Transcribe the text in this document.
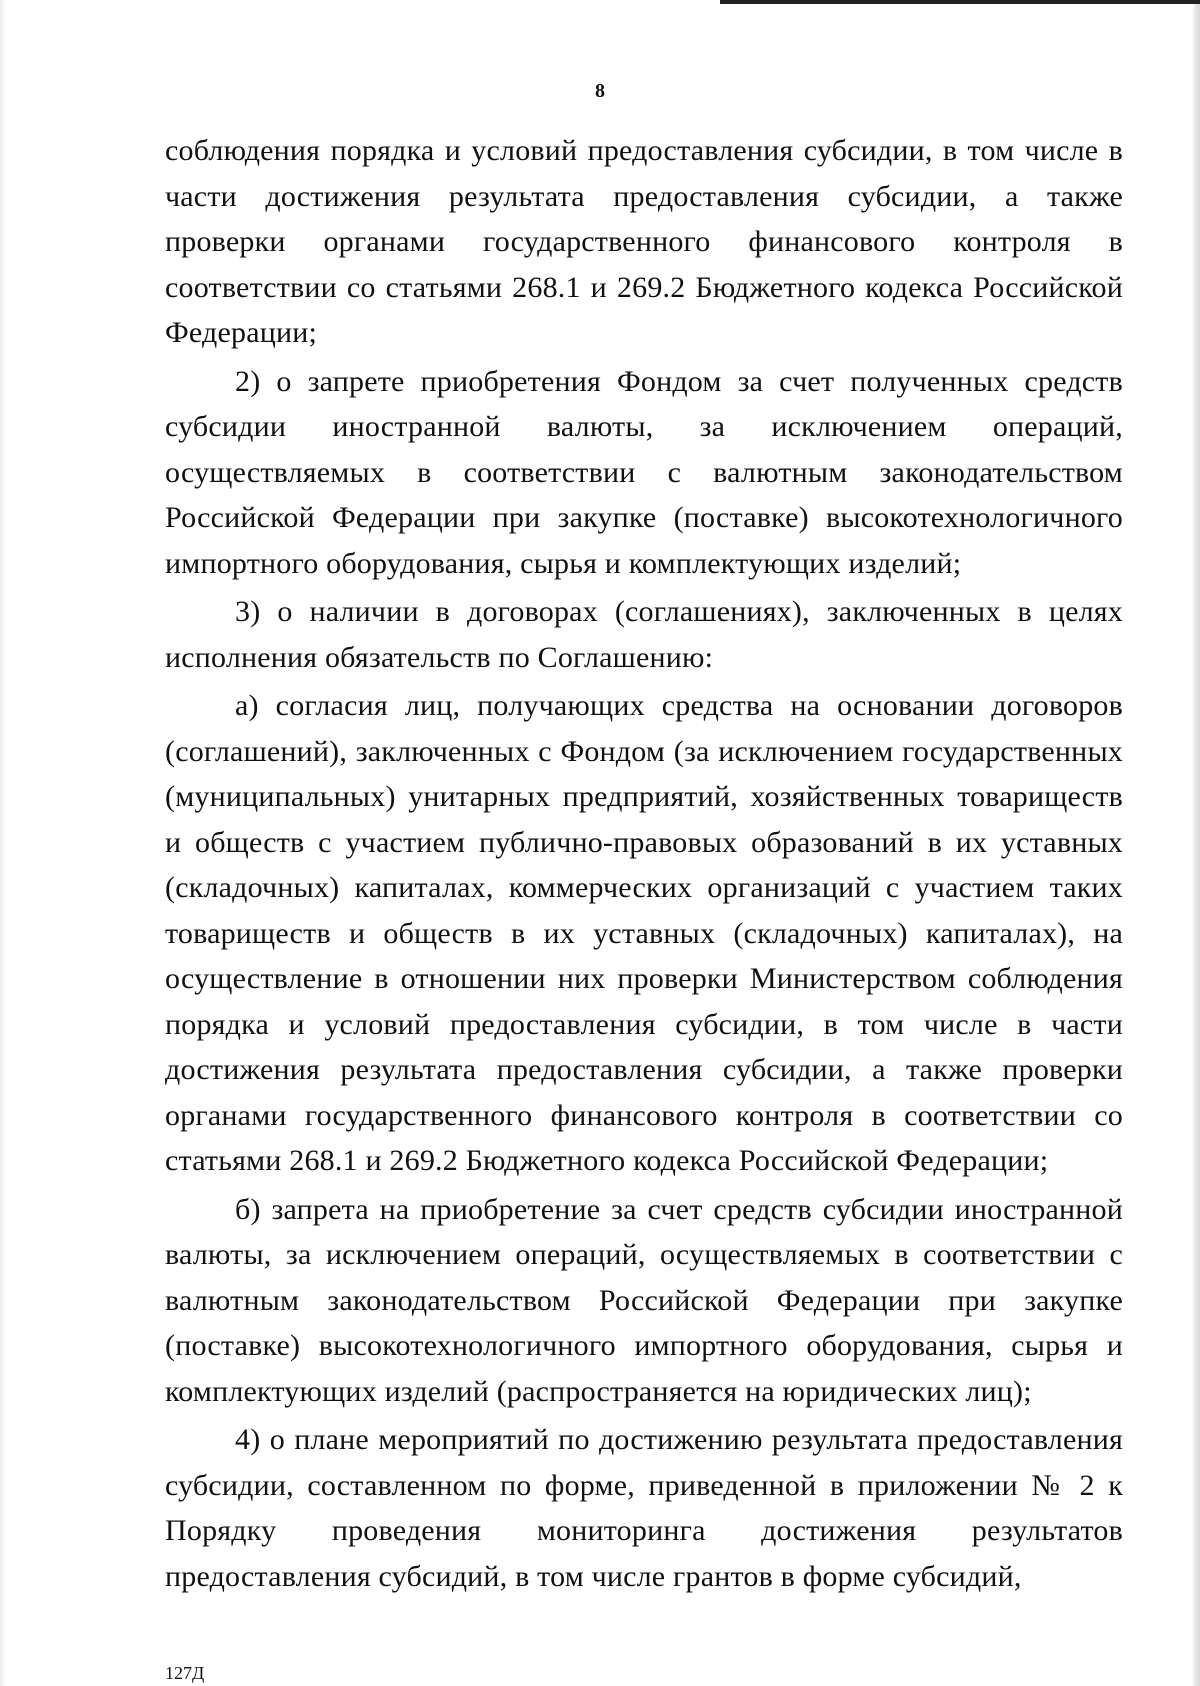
8

соблюдения порядка и условий предоставления субсидии, в том числе в части достижения результата предоставления субсидии, а также проверки органами государственного финансового контроля в соответствии со статьями 268.1 и 269.2 Бюджетного кодекса Российской Федерации;

2) о запрете приобретения Фондом за счет полученных средств субсидии иностранной валюты, за исключением операций, осуществляемых в соответствии с валютным законодательством Российской Федерации при закупке (поставке) высокотехнологичного импортного оборудования, сырья и комплектующих изделий;

3) о наличии в договорах (соглашениях), заключенных в целях исполнения обязательств по Соглашению:

а) согласия лиц, получающих средства на основании договоров (соглашений), заключенных с Фондом (за исключением государственных (муниципальных) унитарных предприятий, хозяйственных товариществ и обществ с участием публично-правовых образований в их уставных (складочных) капиталах, коммерческих организаций с участием таких товариществ и обществ в их уставных (складочных) капиталах), на осуществление в отношении них проверки Министерством соблюдения порядка и условий предоставления субсидии, в том числе в части достижения результата предоставления субсидии, а также проверки органами государственного финансового контроля в соответствии со статьями 268.1 и 269.2 Бюджетного кодекса Российской Федерации;

б) запрета на приобретение за счет средств субсидии иностранной валюты, за исключением операций, осуществляемых в соответствии с валютным законодательством Российской Федерации при закупке (поставке) высокотехнологичного импортного оборудования, сырья и комплектующих изделий (распространяется на юридических лиц);

4) о плане мероприятий по достижению результата предоставления субсидии, составленном по форме, приведенной в приложении № 2 к Порядку проведения мониторинга достижения результатов предоставления субсидий, в том числе грантов в форме субсидий,

127Д
